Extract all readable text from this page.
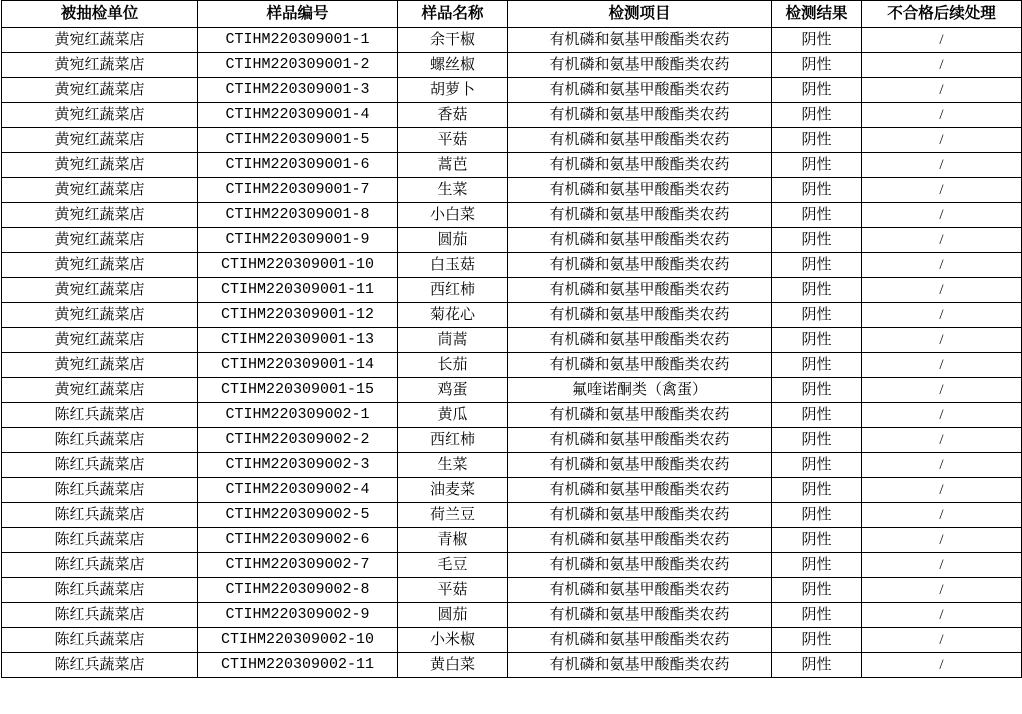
被抽检单位	样品编号	样品名称	检测项目	检测结果	不合格后续处理
黄宛红蔬菜店	CTIHM220309001-1	余干椒	有机磷和氨基甲酸酯类农药	阴性	/
黄宛红蔬菜店	CTIHM220309001-2	螺丝椒	有机磷和氨基甲酸酯类农药	阴性	/
黄宛红蔬菜店	CTIHM220309001-3	胡萝卜	有机磷和氨基甲酸酯类农药	阴性	/
黄宛红蔬菜店	CTIHM220309001-4	香菇	有机磷和氨基甲酸酯类农药	阴性	/
黄宛红蔬菜店	CTIHM220309001-5	平菇	有机磷和氨基甲酸酯类农药	阴性	/
黄宛红蔬菜店	CTIHM220309001-6	蒿芭	有机磷和氨基甲酸酯类农药	阴性	/
黄宛红蔬菜店	CTIHM220309001-7	生菜	有机磷和氨基甲酸酯类农药	阴性	/
黄宛红蔬菜店	CTIHM220309001-8	小白菜	有机磷和氨基甲酸酯类农药	阴性	/
黄宛红蔬菜店	CTIHM220309001-9	圆茄	有机磷和氨基甲酸酯类农药	阴性	/
黄宛红蔬菜店	CTIHM220309001-10	白玉菇	有机磷和氨基甲酸酯类农药	阴性	/
黄宛红蔬菜店	CTIHM220309001-11	西红柿	有机磷和氨基甲酸酯类农药	阴性	/
黄宛红蔬菜店	CTIHM220309001-12	菊花心	有机磷和氨基甲酸酯类农药	阴性	/
黄宛红蔬菜店	CTIHM220309001-13	茼蒿	有机磷和氨基甲酸酯类农药	阴性	/
黄宛红蔬菜店	CTIHM220309001-14	长茄	有机磷和氨基甲酸酯类农药	阴性	/
黄宛红蔬菜店	CTIHM220309001-15	鸡蛋	氟喹诺酮类（禽蛋）	阴性	/
陈红兵蔬菜店	CTIHM220309002-1	黄瓜	有机磷和氨基甲酸酯类农药	阴性	/
陈红兵蔬菜店	CTIHM220309002-2	西红柿	有机磷和氨基甲酸酯类农药	阴性	/
陈红兵蔬菜店	CTIHM220309002-3	生菜	有机磷和氨基甲酸酯类农药	阴性	/
陈红兵蔬菜店	CTIHM220309002-4	油麦菜	有机磷和氨基甲酸酯类农药	阴性	/
陈红兵蔬菜店	CTIHM220309002-5	荷兰豆	有机磷和氨基甲酸酯类农药	阴性	/
陈红兵蔬菜店	CTIHM220309002-6	青椒	有机磷和氨基甲酸酯类农药	阴性	/
陈红兵蔬菜店	CTIHM220309002-7	毛豆	有机磷和氨基甲酸酯类农药	阴性	/
陈红兵蔬菜店	CTIHM220309002-8	平菇	有机磷和氨基甲酸酯类农药	阴性	/
陈红兵蔬菜店	CTIHM220309002-9	圆茄	有机磷和氨基甲酸酯类农药	阴性	/
陈红兵蔬菜店	CTIHM220309002-10	小米椒	有机磷和氨基甲酸酯类农药	阴性	/
陈红兵蔬菜店	CTIHM220309002-11	黄白菜	有机磷和氨基甲酸酯类农药	阴性	/
